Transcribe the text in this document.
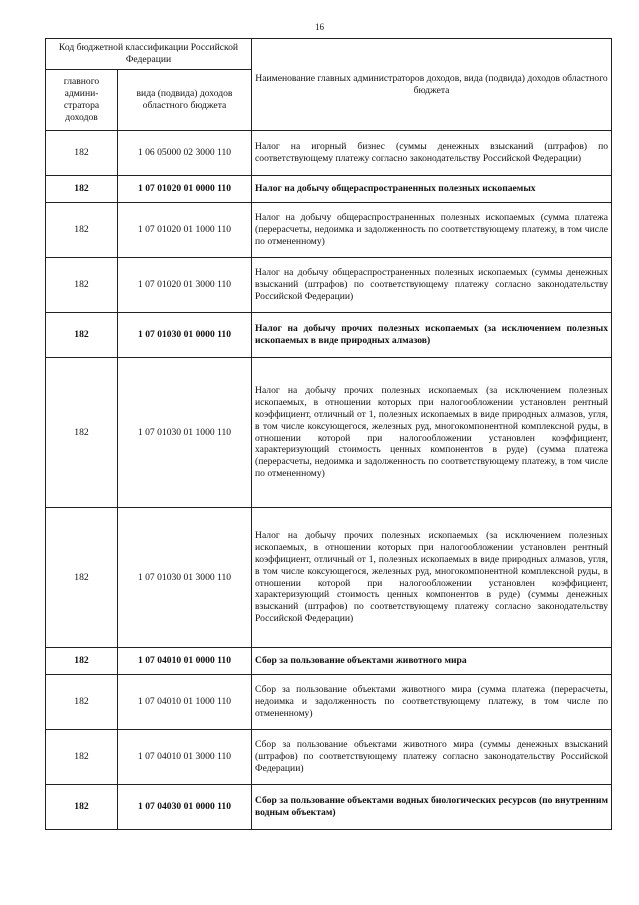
16
Код бюджетной классификации Российской Федерации		Наименование главных администраторов доходов, вида (подвида) доходов областного бюджета
главного админи-стратора доходов	вида (подвида) доходов областного бюджета	
182	1 06 05000 02 3000 110	Налог на игорный бизнес (суммы денежных взысканий (штрафов) по соответствующему платежу согласно законодательству Российской Федерации)
182	1 07 01020 01 0000 110	Налог на добычу общераспространенных полезных ископаемых
182	1 07 01020 01 1000 110	Налог на добычу общераспространенных полезных ископаемых (сумма платежа (перерасчеты, недоимка и задолженность по соответствующему платежу, в том числе по отмененному)
182	1 07 01020 01 3000 110	Налог на добычу общераспространенных полезных ископаемых (суммы денежных взысканий (штрафов) по соответствующему платежу согласно законодательству Российской Федерации)
182	1 07 01030 01 0000 110	Налог на добычу прочих полезных ископаемых (за исключением полезных ископаемых в виде природных алмазов)
182	1 07 01030 01 1000 110	Налог на добычу прочих полезных ископаемых (за исключением полезных ископаемых, в отношении которых при налогообложении установлен рентный коэффициент, отличный от 1, полезных ископаемых в виде природных алмазов, угля, в том числе коксующегося, железных руд, многокомпонентной комплексной руды, в отношении которой при налогообложении установлен коэффициент, характеризующий стоимость ценных компонентов в руде) (сумма платежа (перерасчеты, недоимка и задолженность по соответствующему платежу, в том числе по отмененному)
182	1 07 01030 01 3000 110	Налог на добычу прочих полезных ископаемых (за исключением полезных ископаемых, в отношении которых при налогообложении установлен рентный коэффициент, отличный от 1, полезных ископаемых в виде природных алмазов, угля, в том числе коксующегося, железных руд, многокомпонентной комплексной руды, в отношении которой при налогообложении установлен коэффициент, характеризующий стоимость ценных компонентов в руде) (суммы денежных взысканий (штрафов) по соответствующему платежу согласно законодательству Российской Федерации)
182	1 07 04010 01 0000 110	Сбор за пользование объектами животного мира
182	1 07 04010 01 1000 110	Сбор за пользование объектами животного мира (сумма платежа (перерасчеты, недоимка и задолженность по соответствующему платежу, в том числе по отмененному)
182	1 07 04010 01 3000 110	Сбор за пользование объектами животного мира (суммы денежных взысканий (штрафов) по соответствующему платежу согласно законодательству Российской Федерации)
182	1 07 04030 01 0000 110	Сбор за пользование объектами водных биологических ресурсов (по внутренним водным объектам)
